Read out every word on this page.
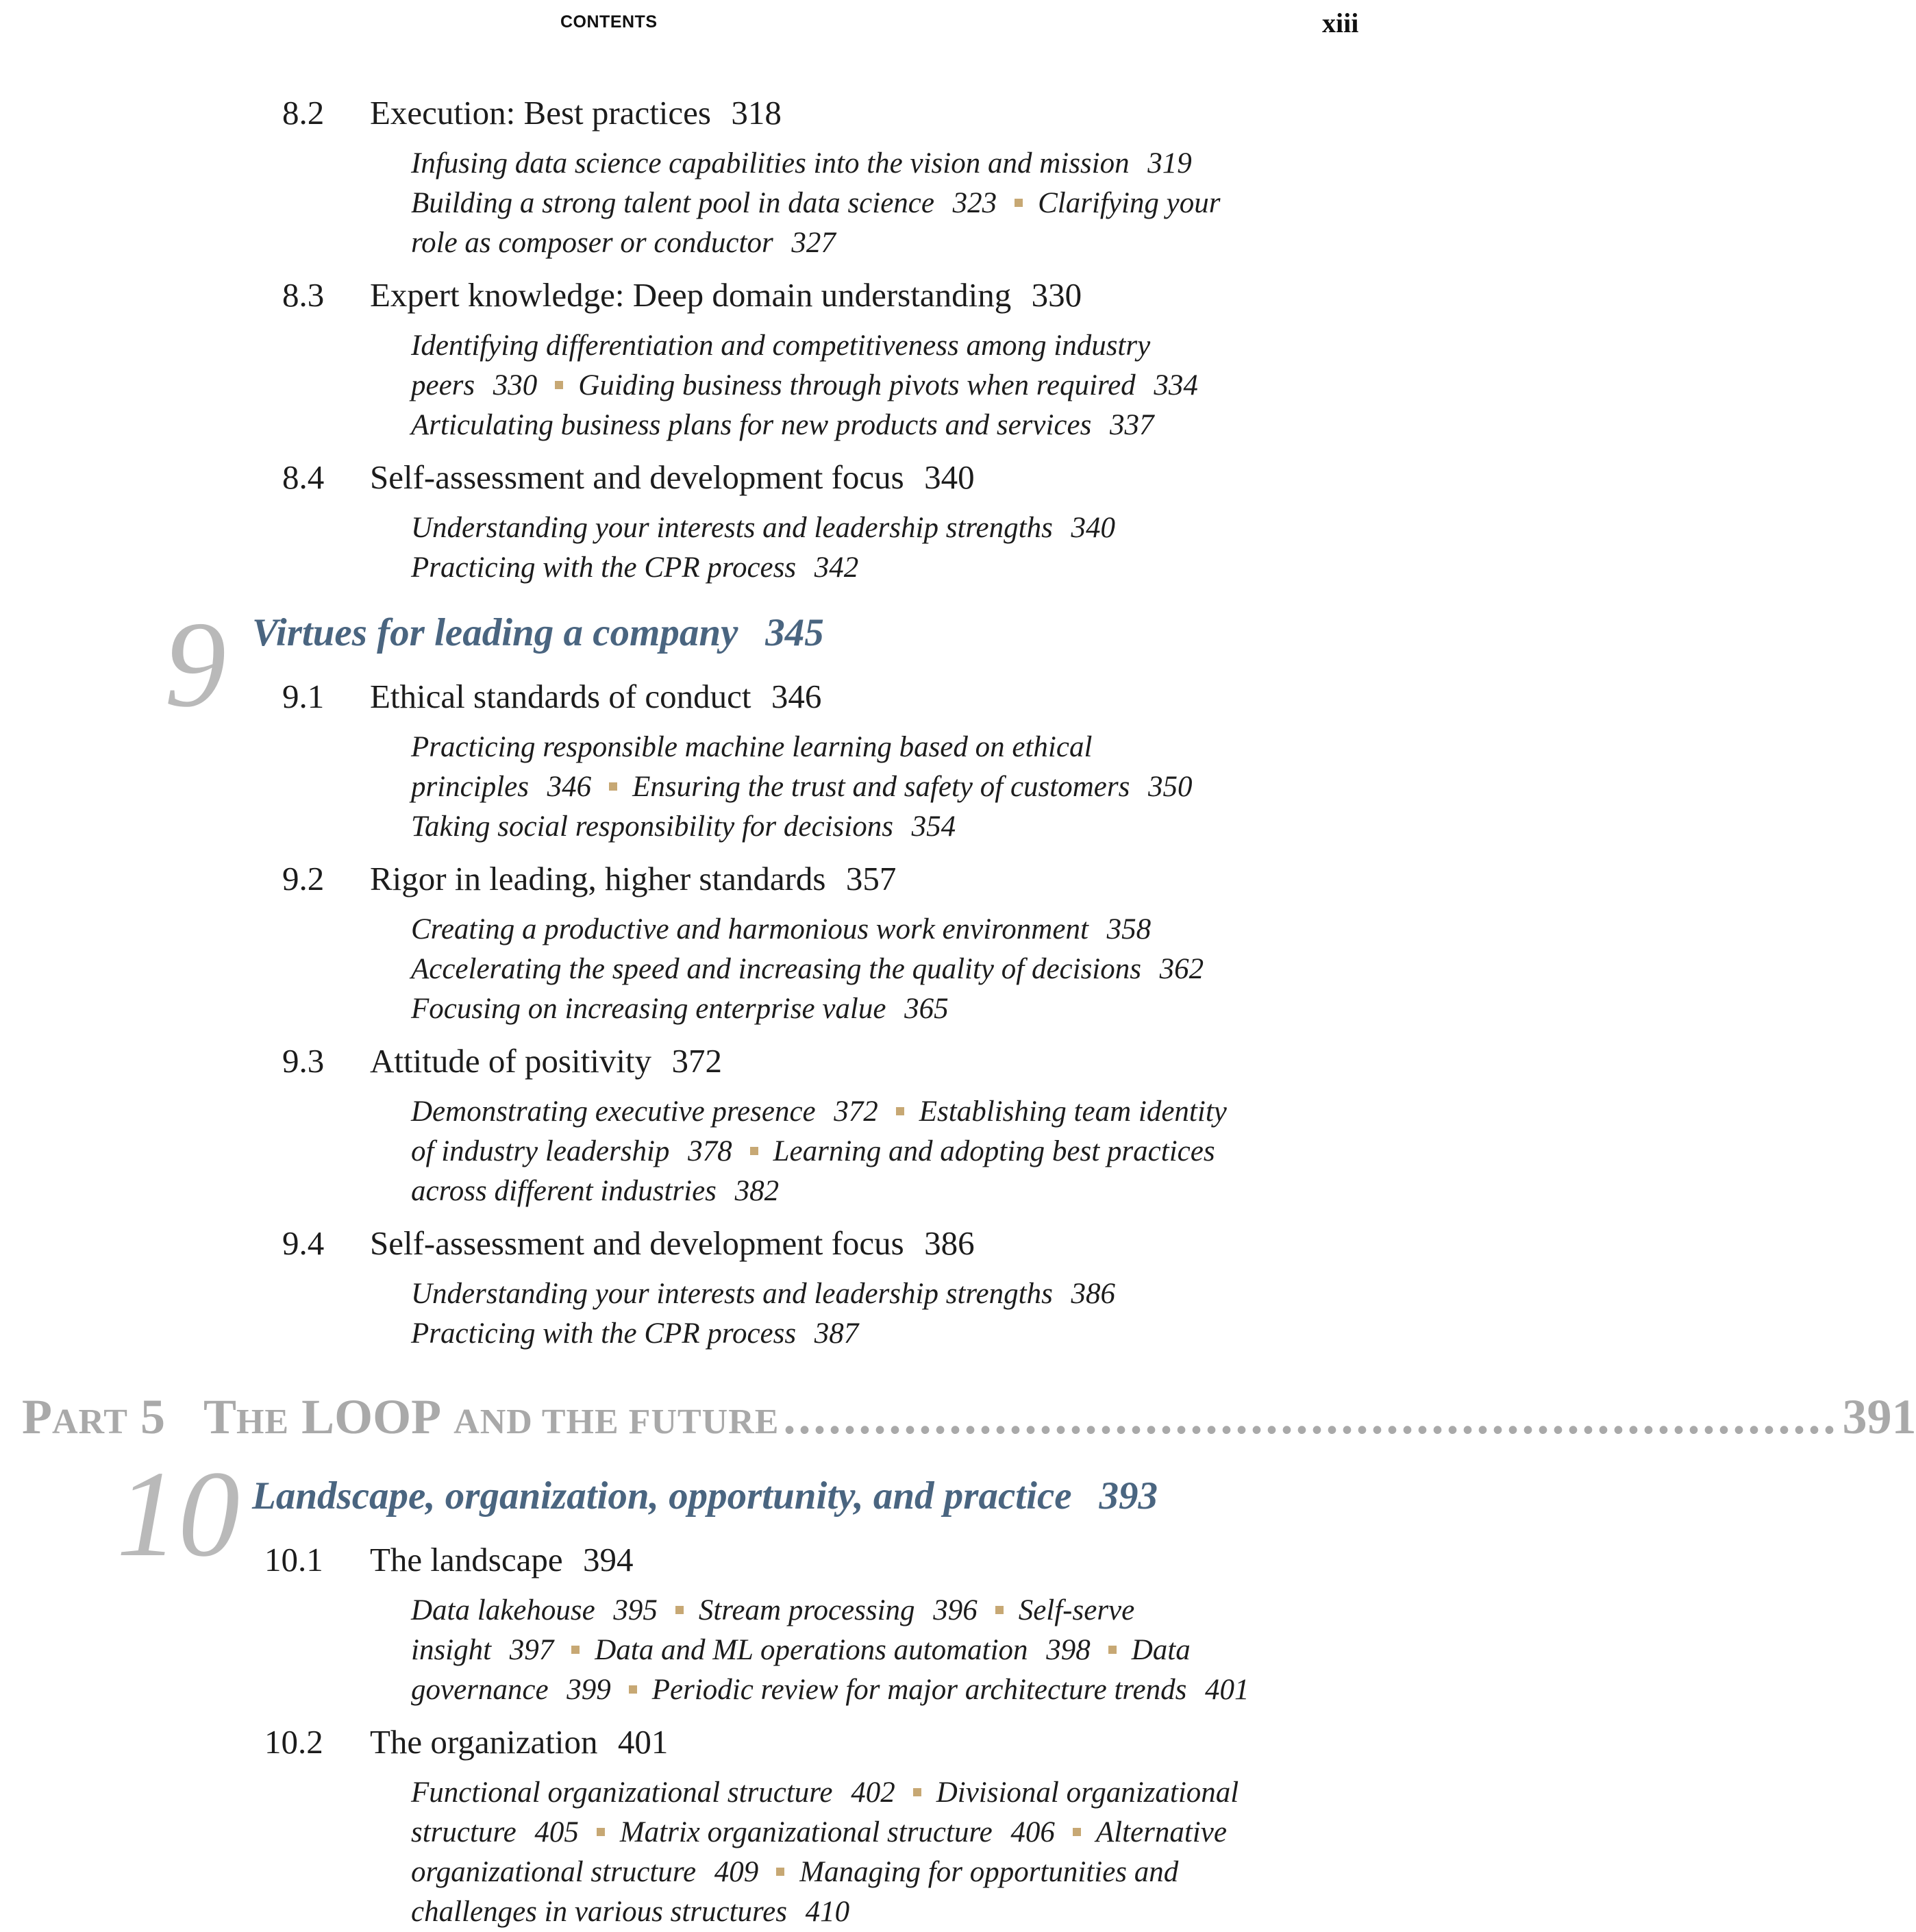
CONTENTS	xiii
8.2 Execution: Best practices 318
Infusing data science capabilities into the vision and mission 319
Building a strong talent pool in data science 323 Clarifying your
role as composer or conductor 327
8.3 Expert knowledge: Deep domain understanding 330
Identifying differentiation and competitiveness among industry
peers 330 Guiding business through pivots when required 334
Articulating business plans for new products and services 337
8.4 Self-assessment and development focus 340
Understanding your interests and leadership strengths 340
Practicing with the CPR process 342
9 Virtues for leading a company 345
9.1 Ethical standards of conduct 346
Practicing responsible machine learning based on ethical
principles 346 Ensuring the trust and safety of customers 350
Taking social responsibility for decisions 354
9.2 Rigor in leading, higher standards 357
Creating a productive and harmonious work environment 358
Accelerating the speed and increasing the quality of decisions 362
Focusing on increasing enterprise value 365
9.3 Attitude of positivity 372
Demonstrating executive presence 372 Establishing team identity
of industry leadership 378 Learning and adopting best practices
across different industries 382
9.4 Self-assessment and development focus 386
Understanding your interests and leadership strengths 386
Practicing with the CPR process 387
PART 5 THE LOOP AND THE FUTURE ...................................................................... 391
10 Landscape, organization, opportunity, and practice 393
10.1 The landscape 394
Data lakehouse 395 Stream processing 396 Self-serve
insight 397 Data and ML operations automation 398 Data
governance 399 Periodic review for major architecture trends 401
10.2 The organization 401
Functional organizational structure 402 Divisional organizational
structure 405 Matrix organizational structure 406 Alternative
organizational structure 409 Managing for opportunities and
challenges in various structures 410
